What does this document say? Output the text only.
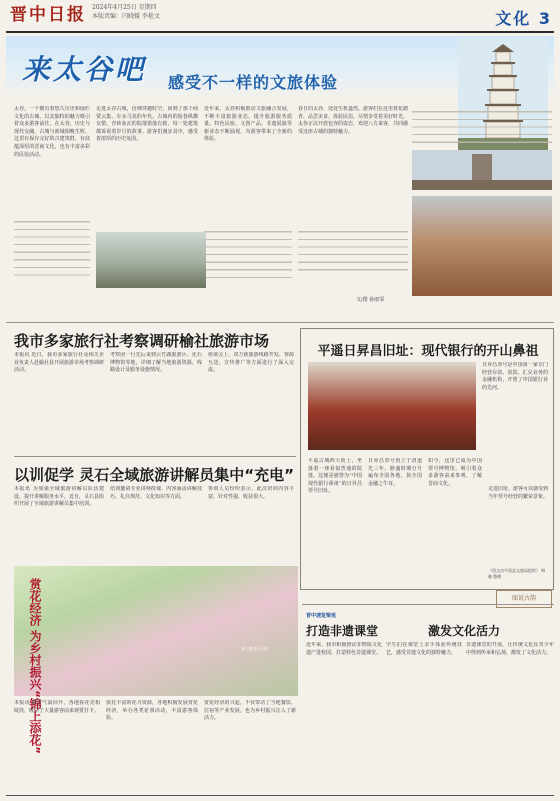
晋中日报	2024年4月25日 星期四
本版责编：闫晓媛 李艳文	文化 3
来太谷吧 感受不一样的文旅体验
太谷，一个拥有着悠久历史和灿烂文化的古城，以其独特的魅力吸引着众多游客前往。在太谷，历史与现代交融，古城与新城相映生辉。这里有保存完好的古建筑群，有底蕴深厚的晋商文化，也有丰富多彩的民俗活动。
走进太谷古城，仿佛穿越时空，回到了那个商贾云集、车水马龙的年代。古城内的街巷纵横交错，青砖灰瓦的院落错落有致，每一处建筑都诉说着岁月的故事。游客们漫步其中，感受着浓厚的历史氛围。
近年来，太谷积极推动文旅融合发展，不断丰富旅游业态，提升旅游服务质量。特色民宿、文创产品、非遗展演等新业态不断涌现，为游客带来了全新的体验。
春日的太谷，处处生机盎然。游客们在这里赏花踏青、品尝美食、体验民俗，尽情享受着美好时光。太谷正以开放包容的姿态，欢迎八方来客，共同感受这座古城的独特魅力。
文/图 孙雨霏
我市多家旅行社考察调研榆社旅游市场
本报讯 近日，我市多家旅行社及相关企业负责人赴榆社县开展旅游市场考察调研活动。
考察团一行先后来到云竹湖旅游区、化石博物馆等地，详细了解当地旅游资源、线路设计及服务设施情况。
座谈会上，双方就旅游线路开发、客源互送、宣传推广等方面进行了深入交流。
以训促学 灵石全域旅游讲解员集中“充电”
本报讯 为加强全域旅游讲解员队伍建设，提升讲解服务水平，近日，灵石县组织开展了全域旅游讲解员集中培训。
培训邀请专业讲师授课，内容涵盖讲解技巧、礼仪规范、文化知识等方面。
参训人员纷纷表示，此次培训内容丰富、针对性强，收获很大。
平遥日昇昌旧址：现代银行的开山鼻祖
日昇昌票号是中国第一家专门经营存款、放款、汇兑业务的金融机构，开创了中国银行业的先河。
平遥古城西大街上，坐落着一座看似普通的院落，这便是被誉为“中国现代银行鼻祖”的日昇昌票号旧址。
日昇昌票号创立于清道光三年，鼎盛时期分号遍布全国各地，执全国金融之牛耳。
如今，这里已成为中国票号博物馆，吸引着众多游客前来参观，了解晋商文化。
走进旧址，游客可以感受到当年票号经营的繁荣景象。
（图文由平遥县文旅局提供） 韩晓 整理
图说古韵
赏花经济 为乡村振兴“锦上添花”	春日赏花正当时
本报讯 随着气温回升，各地春花竞相绽放，吸引了大量游客前来观赏打卡。
依托丰富的花卉资源，各地积极发展赏花经济，举办各类花事活动，丰富游客体验。
赏花经济的兴起，不仅带动了当地餐饮、住宿等产业发展，也为乡村振兴注入了新活力。
晋中速览梁悦
打造非遗课堂	激发文化活力
近年来，我市积极推动非物质文化遗产进校园，打造特色非遗课堂。
学生们在课堂上亲手体验传统技艺，感受非遗文化的独特魅力。
非遗课堂的开展，让传统文化在青少年中得到传承和弘扬，激发了文化活力。
